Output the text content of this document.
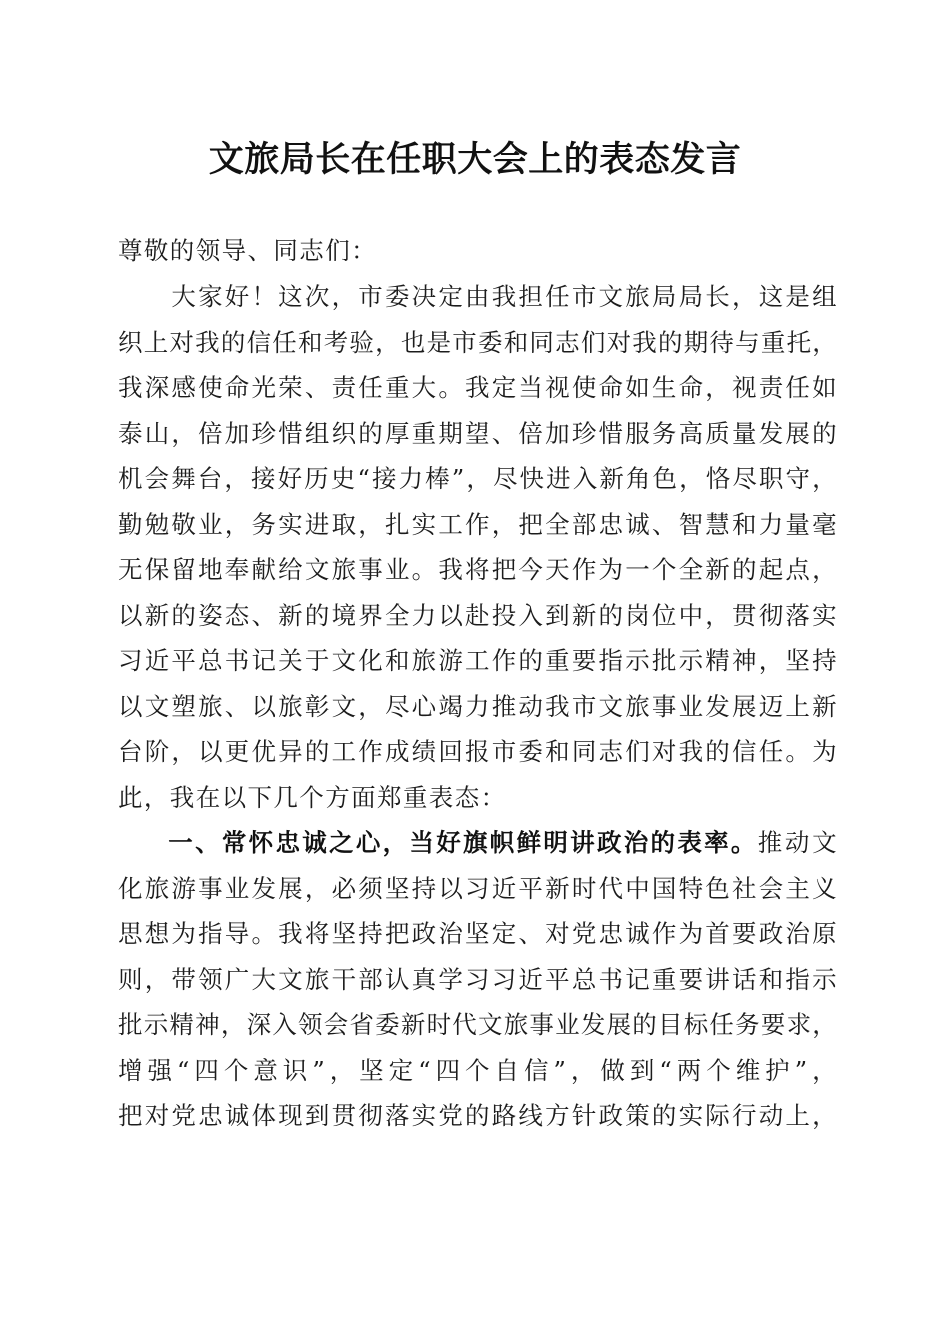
文旅局长在任职大会上的表态发言
尊敬的领导、同志们：
　　大家好！这次，市委决定由我担任市文旅局局长，这是组
织上对我的信任和考验，也是市委和同志们对我的期待与重托，
我深感使命光荣、责任重大。我定当视使命如生命，视责任如
泰山，倍加珍惜组织的厚重期望、倍加珍惜服务高质量发展的
机会舞台，接好历史“接力棒”，尽快进入新角色，恪尽职守，
勤勉敬业，务实进取，扎实工作，把全部忠诚、智慧和力量毫
无保留地奉献给文旅事业。我将把今天作为一个全新的起点，
以新的姿态、新的境界全力以赴投入到新的岗位中，贯彻落实
习近平总书记关于文化和旅游工作的重要指示批示精神，坚持
以文塑旅、以旅彰文，尽心竭力推动我市文旅事业发展迈上新
台阶，以更优异的工作成绩回报市委和同志们对我的信任。为
此，我在以下几个方面郑重表态：
一、常怀忠诚之心，当好旗帜鲜明讲政治的表率。推动文
化旅游事业发展，必须坚持以习近平新时代中国特色社会主义
思想为指导。我将坚持把政治坚定、对党忠诚作为首要政治原
则，带领广大文旅干部认真学习习近平总书记重要讲话和指示
批示精神，深入领会省委新时代文旅事业发展的目标任务要求，
增强“四个意识”，坚定“四个自信”，做到“两个维护”，
把对党忠诚体现到贯彻落实党的路线方针政策的实际行动上，
